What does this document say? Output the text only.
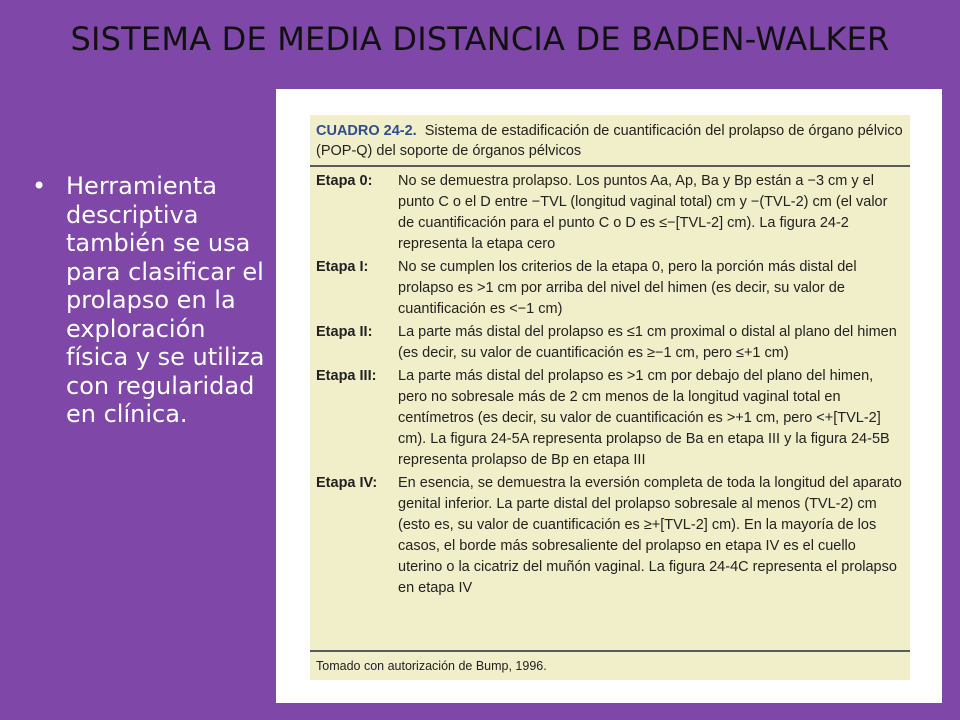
SISTEMA DE MEDIA DISTANCIA DE BADEN-WALKER
• Herramienta descriptiva también se usa para clasificar el prolapso en la exploración física y se utiliza con regularidad en clínica.
CUADRO 24-2. Sistema de estadificación de cuantificación del prolapso de órgano pélvico (POP-Q) del soporte de órganos pélvicos
Etapa 0:	No se demuestra prolapso. Los puntos Aa, Ap, Ba y Bp están a −3 cm y el punto C o el D entre −TVL (longitud vaginal total) cm y −(TVL-2) cm (el valor de cuantificación para el punto C o D es ≤−[TVL-2] cm). La figura 24-2 representa la etapa cero
Etapa I:	No se cumplen los criterios de la etapa 0, pero la porción más distal del prolapso es >1 cm por arriba del nivel del himen (es decir, su valor de cuantificación es <−1 cm)
Etapa II:	La parte más distal del prolapso es ≤1 cm proximal o distal al plano del himen (es decir, su valor de cuantificación es ≥−1 cm, pero ≤+1 cm)
Etapa III:	La parte más distal del prolapso es >1 cm por debajo del plano del himen, pero no sobresale más de 2 cm menos de la longitud vaginal total en centímetros (es decir, su valor de cuantificación es >+1 cm, pero <+[TVL-2] cm). La figura 24-5A representa prolapso de Ba en etapa III y la figura 24-5B representa prolapso de Bp en etapa III
Etapa IV:	En esencia, se demuestra la eversión completa de toda la longitud del aparato genital inferior. La parte distal del prolapso sobresale al menos (TVL-2) cm (esto es, su valor de cuantificación es ≥+[TVL-2] cm). En la mayoría de los casos, el borde más sobresaliente del prolapso en etapa IV es el cuello uterino o la cicatriz del muñón vaginal. La figura 24-4C representa el prolapso en etapa IV
Tomado con autorización de Bump, 1996.
